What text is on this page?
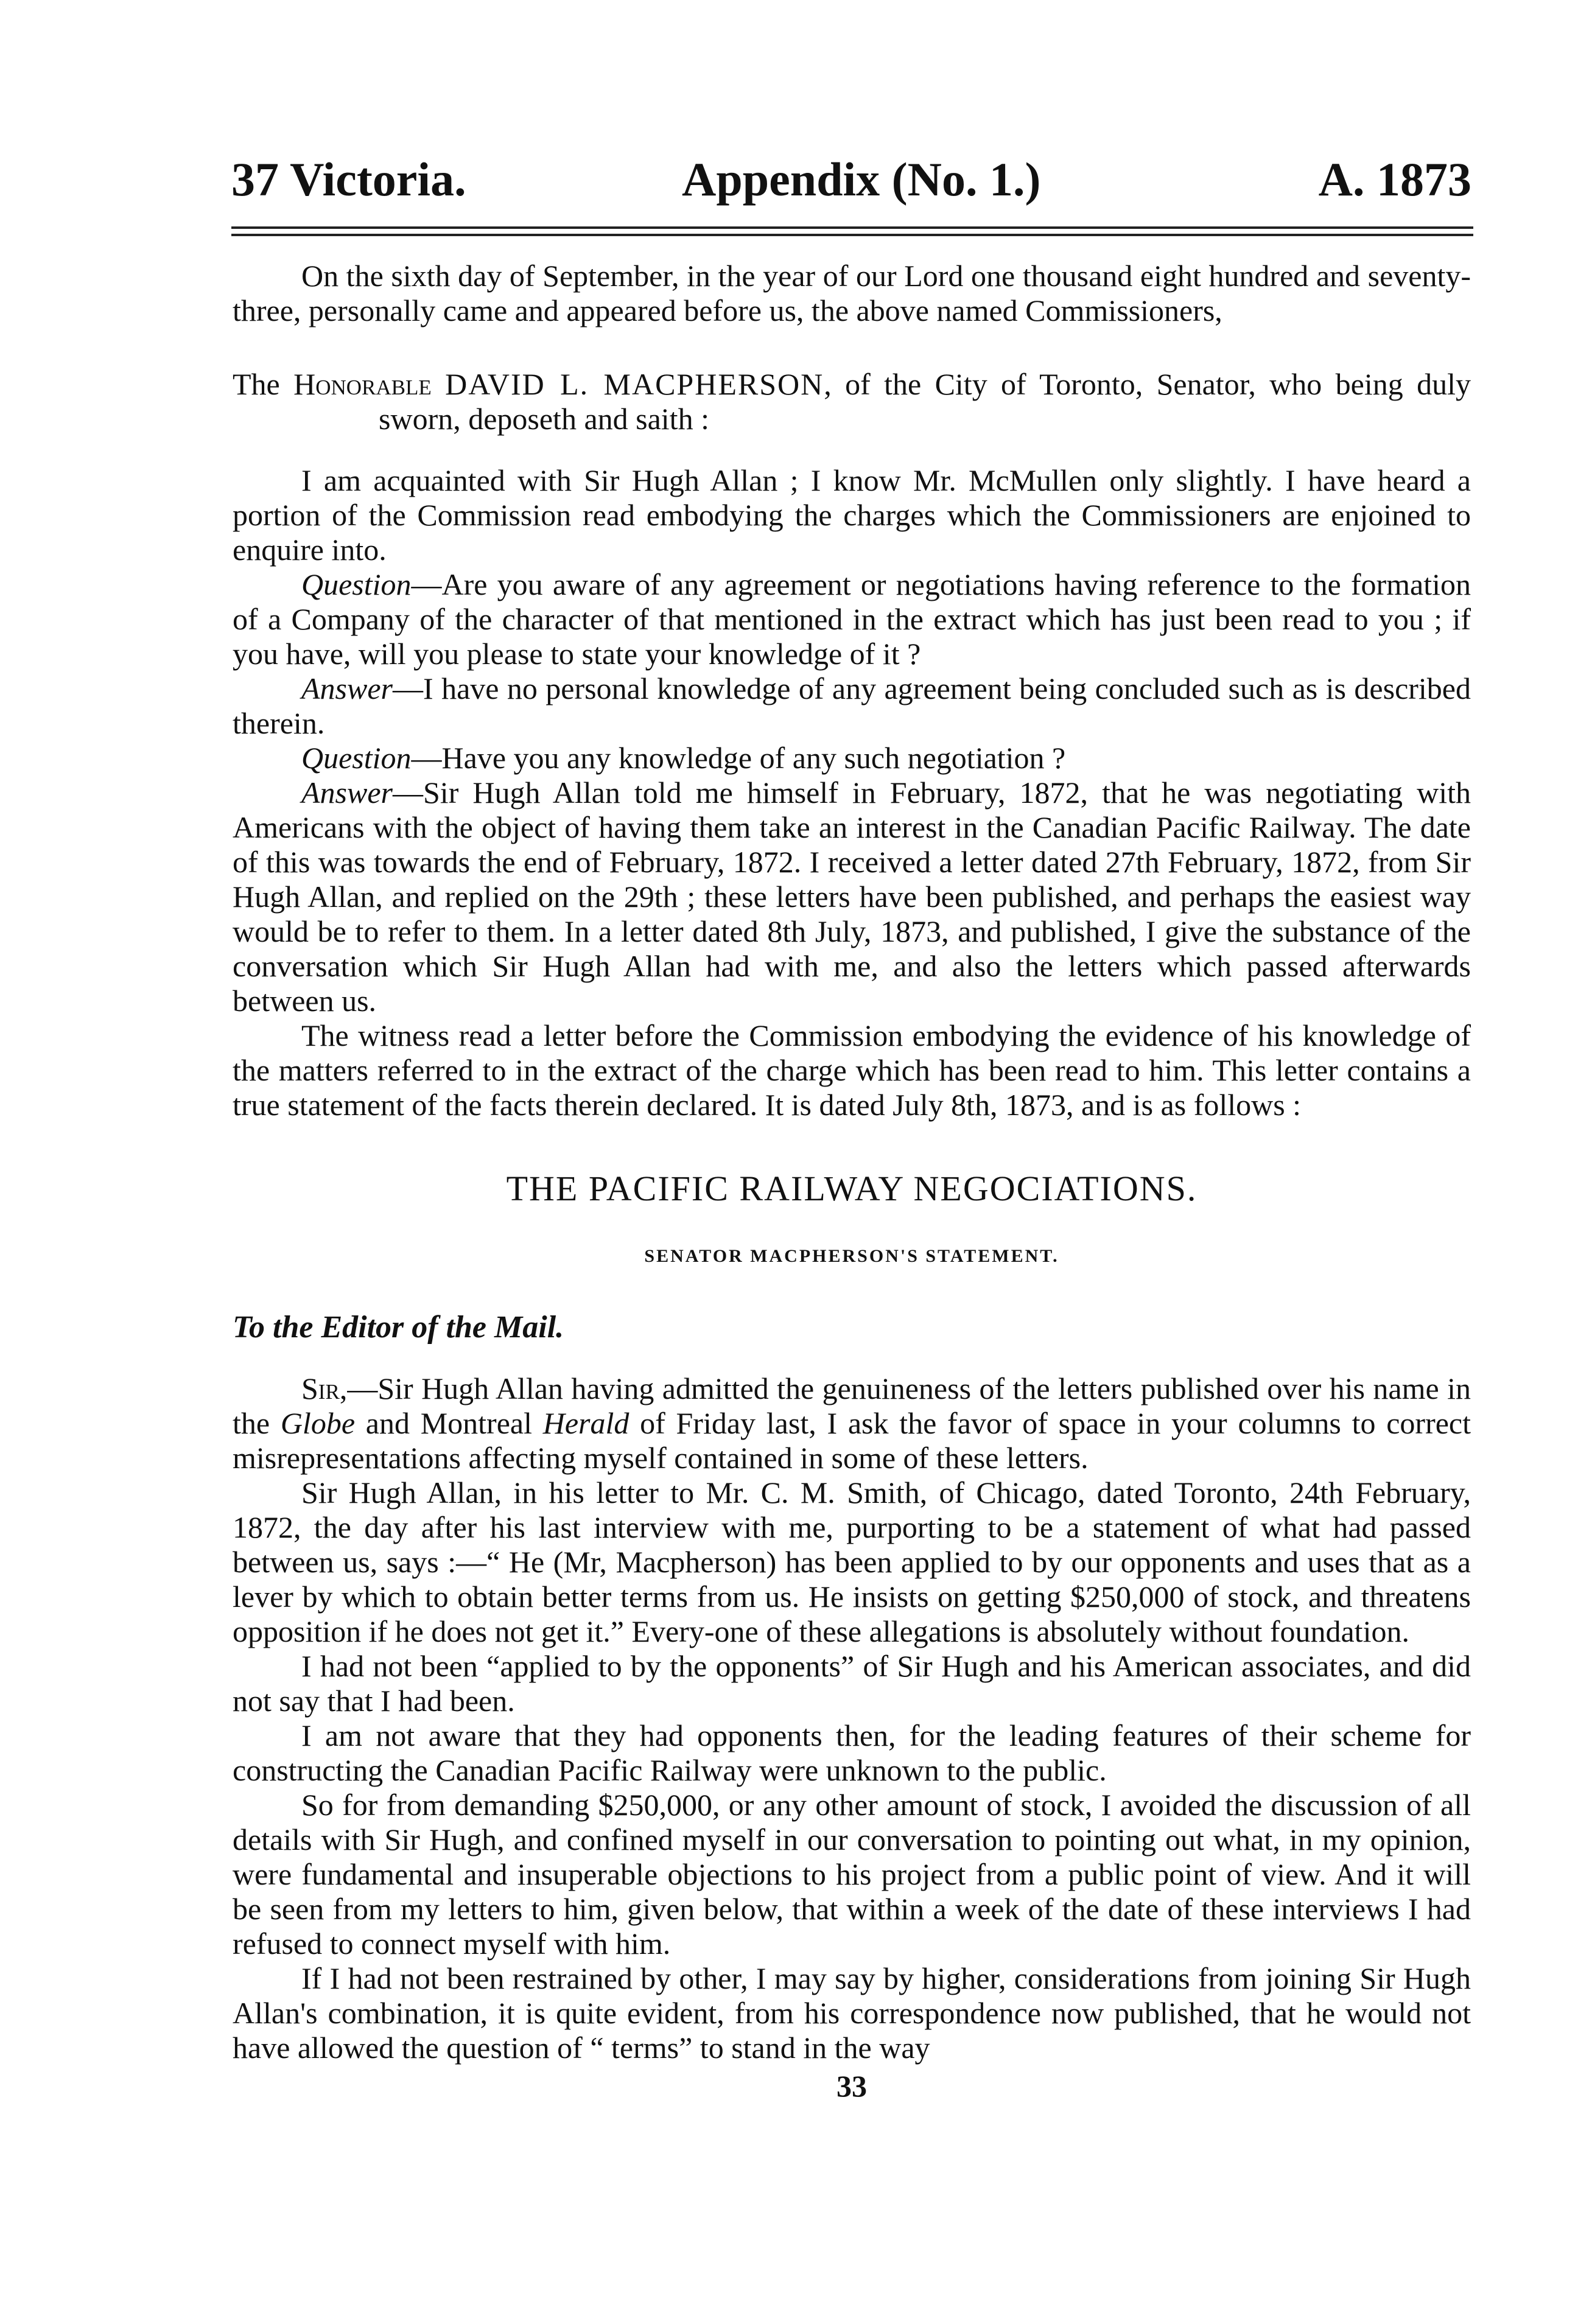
37 Victoria.	Appendix (No. 1.)	A. 1873

On the sixth day of September, in the year of our Lord one thousand eight hundred and seventy-three, personally came and appeared before us, the above named Commissioners,

The Honorable DAVID L. MACPHERSON, of the City of Toronto, Senator, who being duly sworn, deposeth and saith :

I am acquainted with Sir Hugh Allan ; I know Mr. McMullen only slightly. I have heard a portion of the Commission read embodying the charges which the Commissioners are enjoined to enquire into.

Question—Are you aware of any agreement or negotiations having reference to the formation of a Company of the character of that mentioned in the extract which has just been read to you ; if you have, will you please to state your knowledge of it ?

Answer—I have no personal knowledge of any agreement being concluded such as is described therein.

Question—Have you any knowledge of any such negotiation ?

Answer—Sir Hugh Allan told me himself in February, 1872, that he was negotiating with Americans with the object of having them take an interest in the Canadian Pacific Railway. The date of this was towards the end of February, 1872. I received a letter dated 27th February, 1872, from Sir Hugh Allan, and replied on the 29th ; these letters have been published, and perhaps the easiest way would be to refer to them. In a letter dated 8th July, 1873, and published, I give the substance of the conversation which Sir Hugh Allan had with me, and also the letters which passed afterwards between us.

The witness read a letter before the Commission embodying the evidence of his knowledge of the matters referred to in the extract of the charge which has been read to him. This letter contains a true statement of the facts therein declared. It is dated July 8th, 1873, and is as follows :

THE PACIFIC RAILWAY NEGOCIATIONS.

SENATOR MACPHERSON'S STATEMENT.

To the Editor of the Mail.

Sir,—Sir Hugh Allan having admitted the genuineness of the letters published over his name in the Globe and Montreal Herald of Friday last, I ask the favor of space in your columns to correct misrepresentations affecting myself contained in some of these letters.

Sir Hugh Allan, in his letter to Mr. C. M. Smith, of Chicago, dated Toronto, 24th February, 1872, the day after his last interview with me, purporting to be a statement of what had passed between us, says :—“ He (Mr, Macpherson) has been applied to by our opponents and uses that as a lever by which to obtain better terms from us. He insists on getting $250,000 of stock, and threatens opposition if he does not get it.” Every-one of these allegations is absolutely without foundation.

I had not been “applied to by the opponents” of Sir Hugh and his American associates, and did not say that I had been.

I am not aware that they had opponents then, for the leading features of their scheme for constructing the Canadian Pacific Railway were unknown to the public.

So for from demanding $250,000, or any other amount of stock, I avoided the discussion of all details with Sir Hugh, and confined myself in our conversation to pointing out what, in my opinion, were fundamental and insuperable objections to his project from a public point of view. And it will be seen from my letters to him, given below, that within a week of the date of these interviews I had refused to connect myself with him.

If I had not been restrained by other, I may say by higher, considerations from joining Sir Hugh Allan's combination, it is quite evident, from his correspondence now published, that he would not have allowed the question of “ terms” to stand in the way

33
